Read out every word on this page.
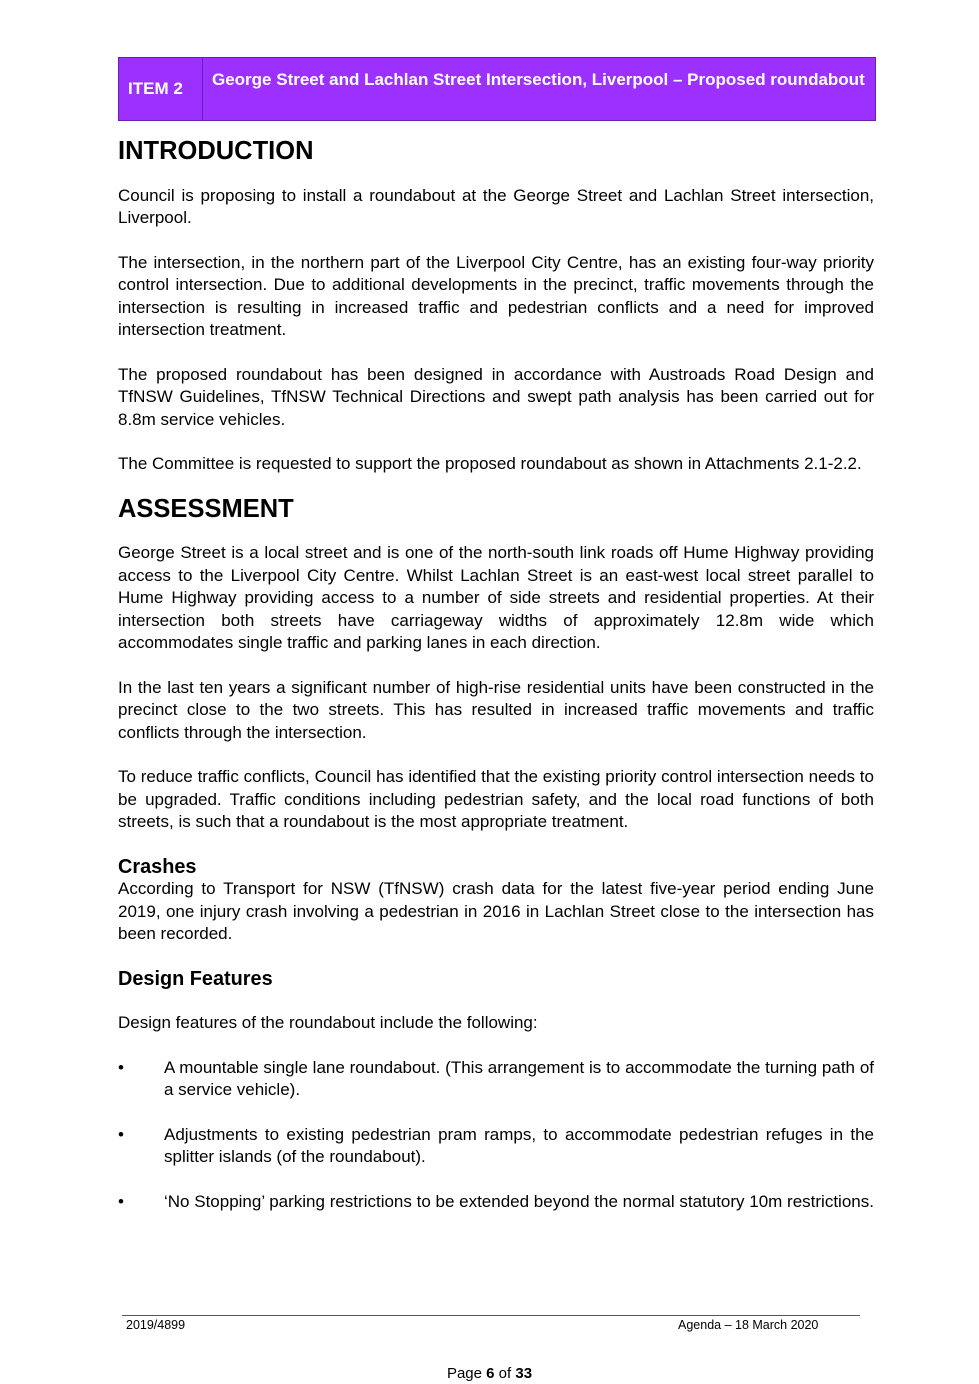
ITEM 2	George Street and Lachlan Street Intersection, Liverpool – Proposed roundabout
INTRODUCTION

Council is proposing to install a roundabout at the George Street and Lachlan Street intersection, Liverpool.

The intersection, in the northern part of the Liverpool City Centre, has an existing four-way priority control intersection. Due to additional developments in the precinct, traffic movements through the intersection is resulting in increased traffic and pedestrian conflicts and a need for improved intersection treatment.

The proposed roundabout has been designed in accordance with Austroads Road Design and TfNSW Guidelines, TfNSW Technical Directions and swept path analysis has been carried out for 8.8m service vehicles.

The Committee is requested to support the proposed roundabout as shown in Attachments 2.1-2.2.

ASSESSMENT

George Street is a local street and is one of the north-south link roads off Hume Highway providing access to the Liverpool City Centre. Whilst Lachlan Street is an east-west local street parallel to Hume Highway providing access to a number of side streets and residential properties. At their intersection both streets have carriageway widths of approximately 12.8m wide which accommodates single traffic and parking lanes in each direction.

In the last ten years a significant number of high-rise residential units have been constructed in the precinct close to the two streets. This has resulted in increased traffic movements and traffic conflicts through the intersection.

To reduce traffic conflicts, Council has identified that the existing priority control intersection needs to be upgraded. Traffic conditions including pedestrian safety, and the local road functions of both streets, is such that a roundabout is the most appropriate treatment.

Crashes

According to Transport for NSW (TfNSW) crash data for the latest five-year period ending June 2019, one injury crash involving a pedestrian in 2016 in Lachlan Street close to the intersection has been recorded.

Design Features

Design features of the roundabout include the following:

• A mountable single lane roundabout. (This arrangement is to accommodate the turning path of a service vehicle).
• Adjustments to existing pedestrian pram ramps, to accommodate pedestrian refuges in the splitter islands (of the roundabout).
• ‘No Stopping’ parking restrictions to be extended beyond the normal statutory 10m restrictions.
2019/4899	Agenda – 18 March 2020
Page 6 of 33
